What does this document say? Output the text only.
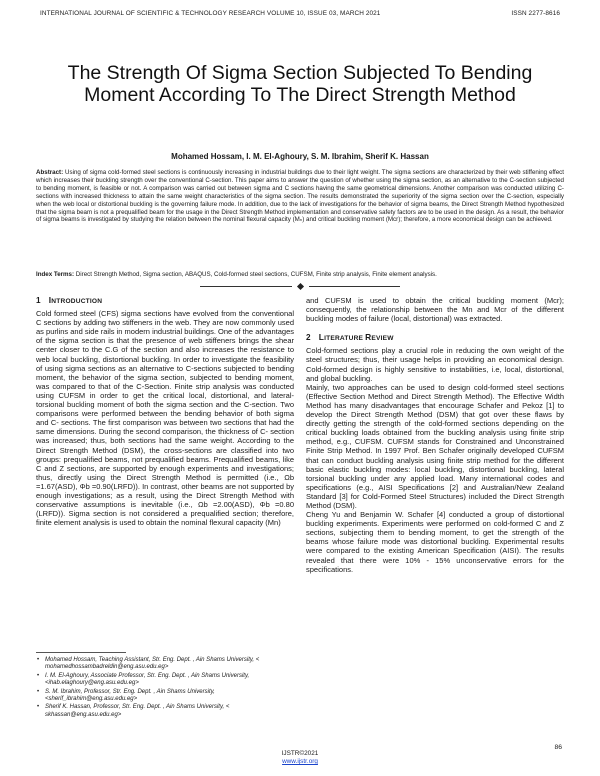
INTERNATIONAL JOURNAL OF SCIENTIFIC & TECHNOLOGY RESEARCH VOLUME 10, ISSUE 03, MARCH 2021	ISSN 2277-8616
The Strength Of Sigma Section Subjected To Bending Moment According To The Direct Strength Method
Mohamed Hossam, I. M. El-Aghoury, S. M. Ibrahim, Sherif K. Hassan
Abstract: Using of sigma cold-formed steel sections is continuously increasing in industrial buildings due to their light weight. The sigma sections are characterized by their web stiffening effect which increases their buckling strength over the conventional C-section. This paper aims to answer the question of whether using the sigma section, as an alternative to the C-section subjected to bending moment, is feasible or not. A comparison was carried out between sigma and C sections having the same geometrical dimensions. Another comparison was conducted utilizing C-sections with increased thickness to attain the same weight characteristics of the sigma section. The results demonstrated the superiority of the sigma section over the C-section, especially when the web local or distortional buckling is the governing failure mode. In addition, due to the lack of investigations for the behavior of sigma beams, the Direct Strength Method hypothesized that the sigma beam is not a prequalified beam for the usage in the Direct Strength Method implementation and conservative safety factors are to be used in the design. As a result, the behavior of sigma beams is investigated by studying the relation between the nominal flexural capacity (Mₙ) and critical buckling moment (Mcr); therefore, a more economical design can be achieved.
Index Terms: Direct Strength Method, Sigma section, ABAQUS, Cold-formed steel sections, CUFSM, Finite strip analysis, Finite element analysis.
1 INTRODUCTION

Cold formed steel (CFS) sigma sections have evolved from the conventional C sections by adding two stiffeners in the web. They are now commonly used as purlins and side rails in modern industrial buildings. One of the advantages of the sigma section is that the presence of web stiffeners brings the shear center closer to the C.G of the section and also increases the resistance to web local buckling, distortional buckling. In order to investigate the feasibility of using sigma sections as an alternative to C-sections subjected to bending moment, the behavior of the sigma section, subjected to bending moment, was compared to that of the C-Section. Finite strip analysis was conducted using CUFSM in order to get the critical local, distortional, and lateral-torsional buckling moment of both the sigma section and the C-section. Two comparisons were performed between the bending behavior of both sigma and C- sections. The first comparison was between two sections that had the same dimensions. During the second comparison, the thickness of C- section was increased; thus, both sections had the same weight. According to the Direct Strength Method (DSM), the cross-sections are classified into two groups: prequalified beams, not prequalified beams. Prequalified beams, like C and Z sections, are supported by enough experiments and investigations; thus, directly using the Direct Strength Method is permitted (i.e., Ωb =1.67(ASD), Φb =0.90(LRFD)). In contrast, other beams are not supported by enough investigations; as a result, using the Direct Strength Method with conservative assumptions is inevitable (i.e., Ωb =2.00(ASD), Φb =0.80 (LRFD)). Sigma section is not considered a prequalified section; therefore, finite element analysis is used to obtain the nominal flexural capacity (Mn)

and CUFSM is used to obtain the critical buckling moment (Mcr); consequently, the relationship between the Mn and Mcr of the different buckling modes of failure (local, distortional) was extracted.

2 LITERATURE REVIEW

Cold-formed sections play a crucial role in reducing the own weight of the steel structures; thus, their usage helps in providing an economical design. Cold-formed design is highly sensitive to instabilities, i.e, local, distortional, and global buckling.

Mainly, two approaches can be used to design cold-formed steel sections (Effective Section Method and Direct Strength Method). The Effective Width Method has many disadvantages that encourage Schafer and Pekoz [1] to develop the Direct Strength Method (DSM) that got over these flaws by directly getting the strength of the cold-formed sections depending on the critical buckling loads obtained from the buckling analysis using finite strip method, e.g., CUFSM. CUFSM stands for Constrained and Unconstrained Finite Strip Method. In 1997 Prof. Ben Schafer originally developed CUFSM that can conduct buckling analysis using finite strip method for the different basic elastic buckling modes: local buckling, distortional buckling, lateral torsional buckling under any applied load. Many international codes and specifications (e.g., AISI Specifications [2] and Australian/New Zealand Standard [3] for Cold-Formed Steel Structures) included the Direct Strength Method (DSM).

Cheng Yu and Benjamin W. Schafer [4] conducted a group of distortional buckling experiments. Experiments were performed on cold-formed C and Z sections, subjecting them to bending moment, to get the strength of the beams whose failure mode was distortional buckling. Experimental results were compared to the existing American Specification (AISI). The results revealed that there were 10% - 15% unconservative errors for the specifications.

• Mohamed Hossam, Teaching Assistant, Str. Eng. Dept. , Ain Shams University, < mohamedhossambadreldin@eng.asu.edu.eg>
• I. M. El-Aghoury, Associate Professor, Str. Eng. Dept. , Ain Shams University,<ihab.elaghoury@eng.asu.edu.eg>
• S. M. Ibrahim, Professor, Str. Eng. Dept. , Ain Shams University, <sherif_ibrahim@eng.asu.edu.eg>
• Sherif K. Hassan, Professor, Str. Eng. Dept. , Ain Shams University, < skhassan@eng.asu.edu.eg>
86
IJSTR©2021
www.ijstr.org
